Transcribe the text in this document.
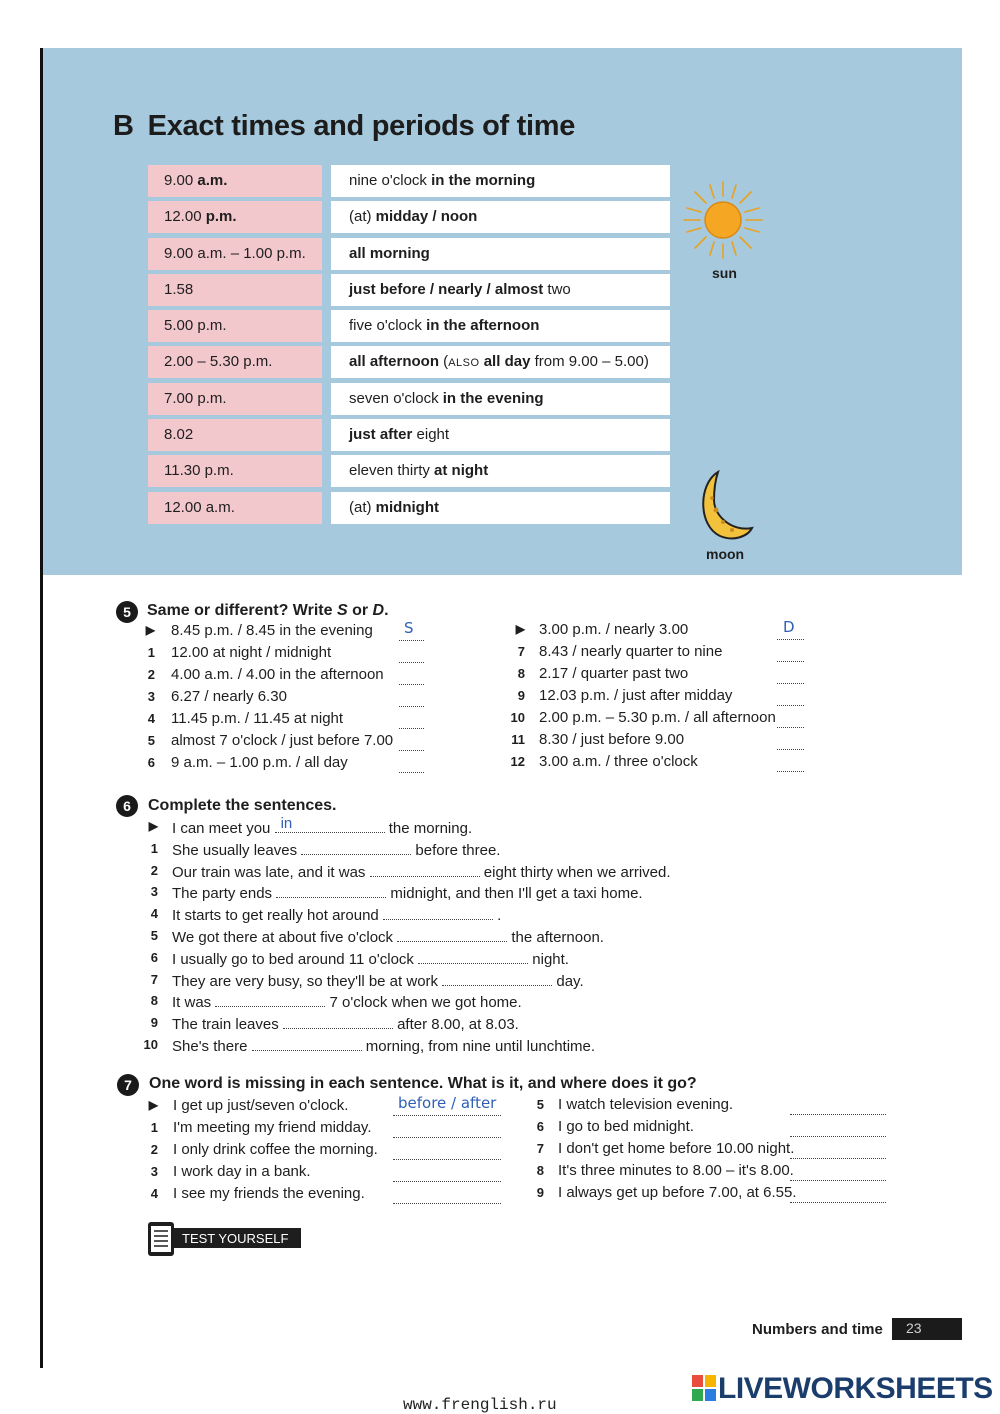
B Exact times and periods of time
9.00 a.m.	nine o'clock in the morning
12.00 p.m.	(at) midday / noon
9.00 a.m. – 1.00 p.m.	all morning
1.58	just before / nearly / almost two
5.00 p.m.	five o'clock in the afternoon
2.00 – 5.30 p.m.	all afternoon (ALSO all day from 9.00 – 5.00)
7.00 p.m.	seven o'clock in the evening
8.02	just after eight
11.30 p.m.	eleven thirty at night
12.00 a.m.	(at) midnight
sun
moon
5	Same or different? Write S or D.
▶ 8.45 p.m. / 8.45 in the evening S
1 12.00 at night / midnight
2 4.00 a.m. / 4.00 in the afternoon
3 6.27 / nearly 6.30
4 11.45 p.m. / 11.45 at night
5 almost 7 o'clock / just before 7.00
6 9 a.m. – 1.00 p.m. / all day
▶ 3.00 p.m. / nearly 3.00	D
7 8.43 / nearly quarter to nine
8 2.17 / quarter past two
9 12.03 p.m. / just after midday
10 2.00 p.m. – 5.30 p.m. / all afternoon
11 8.30 / just before 9.00
12 3.00 a.m. / three o'clock
6	Complete the sentences.
▶ I can meet you in	the morning.
1 She usually leaves	before three.
2 Our train was late, and it was	eight thirty when we arrived.
3 The party ends	midnight, and then I'll get a taxi home.
4 It starts to get really hot around	.
5 We got there at about five o'clock	the afternoon.
6 I usually go to bed around 11 o'clock	night.
7 They are very busy, so they'll be at work	day.
8 It was	7 o'clock when we got home.
9 The train leaves	after 8.00, at 8.03.
10 She's there	morning, from nine until lunchtime.
7	One word is missing in each sentence. What is it, and where does it go?
▶ I get up just/seven o'clock.	before / after
1 I'm meeting my friend midday.
2 I only drink coffee the morning.
3 I work day in a bank.
4 I see my friends the evening.
5 I watch television evening.
6 I go to bed midnight.
7 I don't get home before 10.00 night.
8 It's three minutes to 8.00 – it's 8.00.
9 I always get up before 7.00, at 6.55.
TEST YOURSELF
Numbers and time 23
www.frenglish.ru	LIVEWORKSHEETS
